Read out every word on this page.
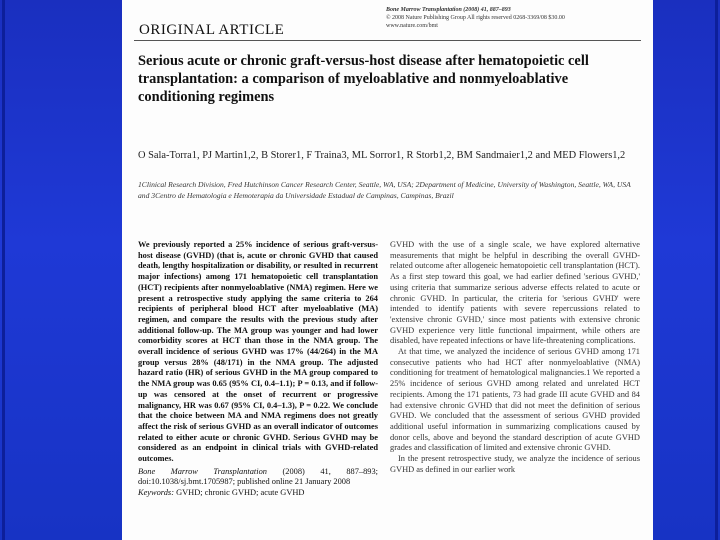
Bone Marrow Transplantation (2008) 41, 887–893
© 2008 Nature Publishing Group All rights reserved 0268-3369/08 $30.00
www.nature.com/bmt
ORIGINAL ARTICLE
Serious acute or chronic graft-versus-host disease after hematopoietic cell transplantation: a comparison of myeloablative and nonmyeloablative conditioning regimens
O Sala-Torra1, PJ Martin1,2, B Storer1, F Traina3, ML Sorror1, R Storb1,2, BM Sandmaier1,2 and MED Flowers1,2
1Clinical Research Division, Fred Hutchinson Cancer Research Center, Seattle, WA, USA; 2Department of Medicine, University of Washington, Seattle, WA, USA and 3Centro de Hematologia e Hemoterapia da Universidade Estadual de Campinas, Campinas, Brazil

We previously reported a 25% incidence of serious graft-versus-host disease (GVHD) (that is, acute or chronic GVHD that caused death, lengthy hospitalization or disability, or resulted in recurrent major infections) among 171 hematopoietic cell transplantation (HCT) recipients after nonmyeloablative (NMA) regimen. Here we present a retrospective study applying the same criteria to 264 recipients of peripheral blood HCT after myeloablative (MA) regimen, and compare the results with the previous study after additional follow-up. The MA group was younger and had lower comorbidity scores at HCT than those in the NMA group. The overall incidence of serious GVHD was 17% (44/264) in the MA group versus 28% (48/171) in the NMA group. The adjusted hazard ratio (HR) of serious GVHD in the MA group compared to the NMA group was 0.65 (95% CI, 0.4–1.1); P = 0.13, and if follow-up was censored at the onset of recurrent or progressive malignancy, HR was 0.67 (95% CI, 0.4–1.3), P = 0.22. We conclude that the choice between MA and NMA regimens does not greatly affect the risk of serious GVHD as an overall indicator of outcomes related to either acute or chronic GVHD. Serious GVHD may be considered as an endpoint in clinical trials with GVHD-related outcomes.

Bone Marrow Transplantation (2008) 41, 887–893; doi:10.1038/sj.bmt.1705987; published online 21 January 2008

Keywords: GVHD; chronic GVHD; acute GVHD

GVHD with the use of a single scale, we have explored alternative measurements that might be helpful in describing the overall GVHD-related outcome after allogeneic hematopoietic cell transplantation (HCT). As a first step toward this goal, we had earlier defined 'serious GVHD,' using criteria that summarize serious adverse effects related to acute or chronic GVHD. In particular, the criteria for 'serious GVHD' were intended to identify patients with severe repercussions related to 'extensive chronic GVHD,' since most patients with extensive chronic GVHD experience very little functional impairment, while others are disabled, have repeated infections or have life-threatening complications.

At that time, we analyzed the incidence of serious GVHD among 171 consecutive patients who had HCT after nonmyeloablative (NMA) conditioning for treatment of hematological malignancies.1 We reported a 25% incidence of serious GVHD among related and unrelated HCT recipients. Among the 171 patients, 73 had grade III acute GVHD and 84 had extensive chronic GVHD that did not meet the definition of serious GVHD. We concluded that the assessment of serious GVHD provided additional useful information in summarizing complications caused by donor cells, above and beyond the standard description of acute GVHD grades and classification of limited and extensive chronic GVHD.

In the present retrospective study, we analyze the incidence of serious GVHD as defined in our earlier work
